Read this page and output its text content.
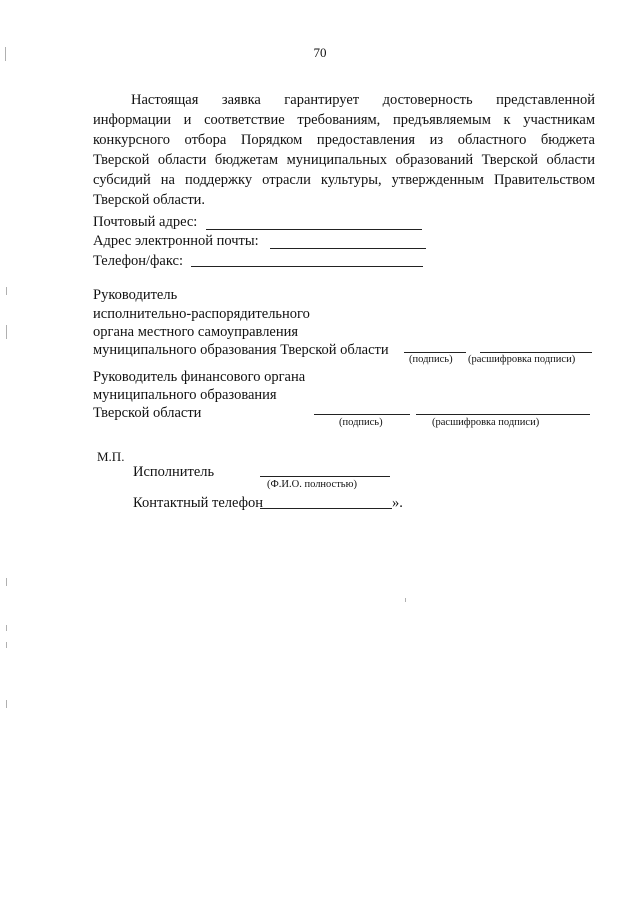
70
Настоящая заявка гарантирует достоверность представленной
информации и соответствие требованиям, предъявляемым к участникам
конкурсного отбора Порядком предоставления из областного бюджета
Тверской области бюджетам муниципальных образований Тверской области
субсидий на поддержку отрасли культуры, утвержденным Правительством
Тверской области.
Почтовый адрес:
Адрес электронной почты:
Телефон/факс:
Руководитель
исполнительно-распорядительного
органа местного самоуправления
муниципального образования Тверской области
(подпись) (расшифровка подписи)
Руководитель финансового органа
муниципального образования
Тверской области
(подпись)	(расшифровка подписи)
М.П.
Исполнитель
(Ф.И.О. полностью)
Контактный телефон	».
